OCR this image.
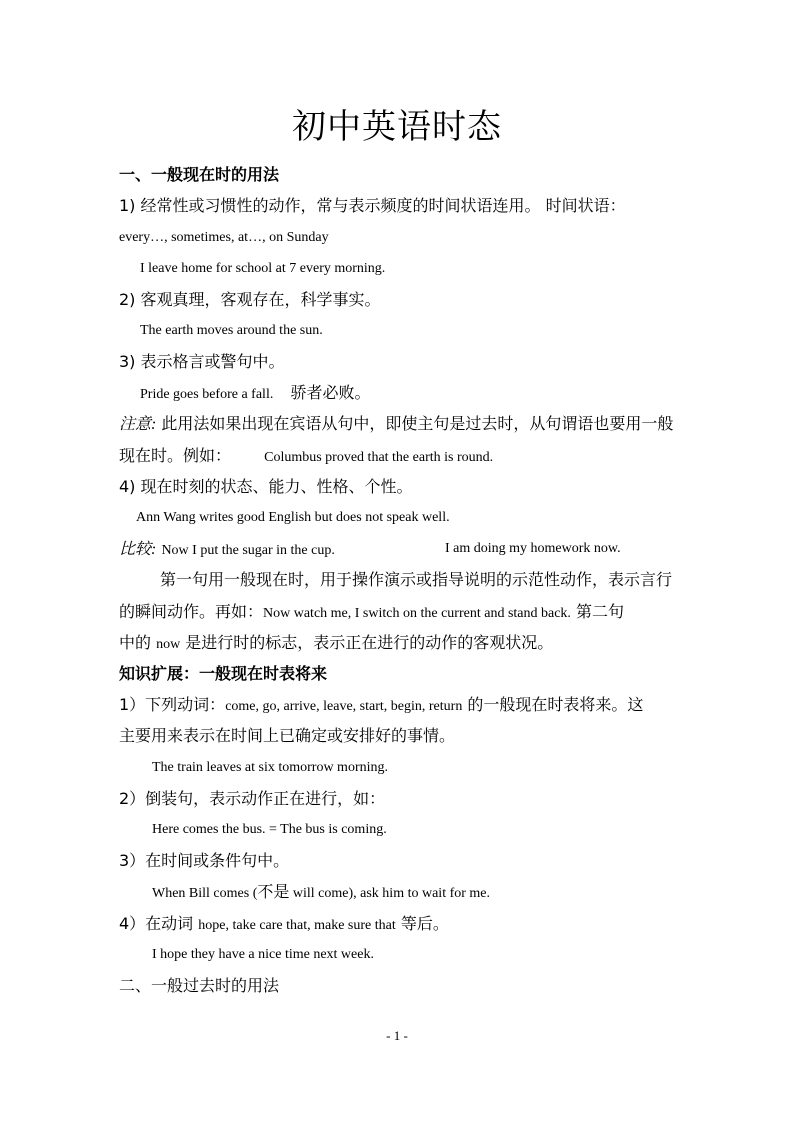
初中英语时态
一、一般现在时的用法
1) 经常性或习惯性的动作，常与表示频度的时间状语连用。 时间状语：
every…, sometimes, at…, on Sunday
I leave home for school at 7 every morning.
2) 客观真理，客观存在，科学事实。
The earth moves around the sun.
3) 表示格言或警句中。
Pride goes before a fall. 骄者必败。
注意: 此用法如果出现在宾语从句中，即使主句是过去时，从句谓语也要用一般
现在时。例如： Columbus proved that the earth is round.
4) 现在时刻的状态、能力、性格、个性。
Ann Wang writes good English but does not speak well.
比较: Now I put the sugar in the cup.	I am doing my homework now.
第一句用一般现在时，用于操作演示或指导说明的示范性动作，表示言行
的瞬间动作。再如：Now watch me, I switch on the current and stand back. 第二句
中的 now 是进行时的标志，表示正在进行的动作的客观状况。
知识扩展：一般现在时表将来
1）下列动词：come, go, arrive, leave, start, begin, return 的一般现在时表将来。这
主要用来表示在时间上已确定或安排好的事情。
The train leaves at six tomorrow morning.
2）倒装句，表示动作正在进行，如：
Here comes the bus. = The bus is coming.
3）在时间或条件句中。
When Bill comes (不是 will come), ask him to wait for me.
4）在动词 hope, take care that, make sure that 等后。
I hope they have a nice time next week.
二、一般过去时的用法
- 1 -
